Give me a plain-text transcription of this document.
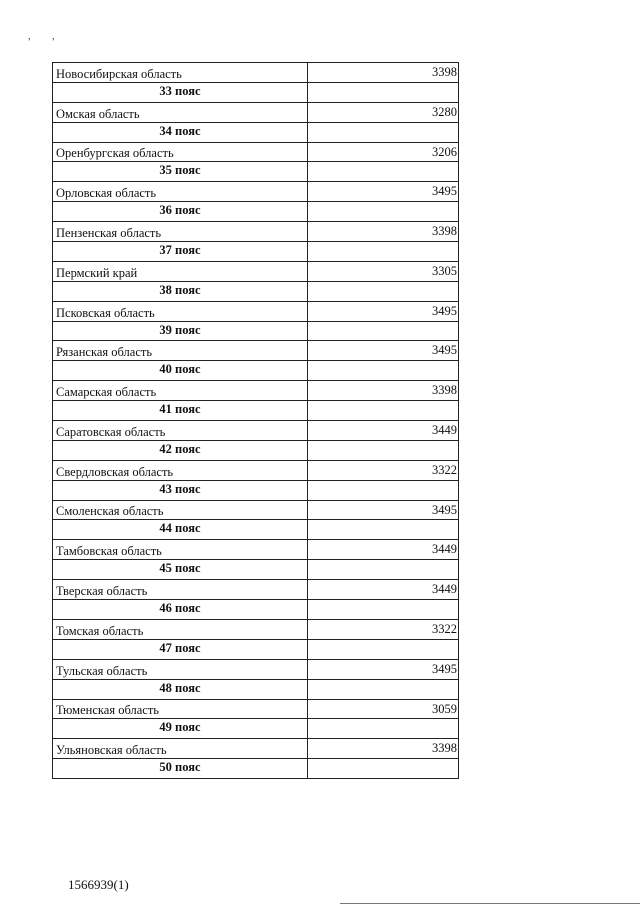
, ,
Новосибирская область	3398
33 пояс	
Омская область	3280
34 пояс	
Оренбургская область	3206
35 пояс	
Орловская область	3495
36 пояс	
Пензенская область	3398
37 пояс	
Пермский край	3305
38 пояс	
Псковская область	3495
39 пояс	
Рязанская область	3495
40 пояс	
Самарская область	3398
41 пояс	
Саратовская область	3449
42 пояс	
Свердловская область	3322
43 пояс	
Смоленская область	3495
44 пояс	
Тамбовская область	3449
45 пояс	
Тверская область	3449
46 пояс	
Томская область	3322
47 пояс	
Тульская область	3495
48 пояс	
Тюменская область	3059
49 пояс	
Ульяновская область	3398
50 пояс	
1566939(1)
